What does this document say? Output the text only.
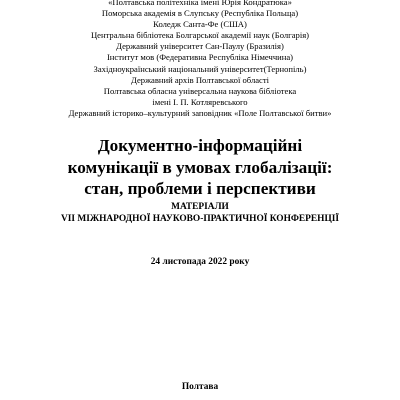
«Полтавська політехніка імені Юрія Кондратюка»
Поморська академія в Слупську (Республіка Польща)
Коледж Санта-Фе (США)
Центральна бібліотека Болгарської академії наук (Болгарія)
Державний університет Сан-Паулу (Бразилія)
Інститут мов (Федеративна Республіка Німеччина)
Західноукраїнський національний університет(Тернопіль)
Державний архів Полтавської області
Полтавська обласна універсальна наукова бібліотека
імені І. П. Котляревського
Державний історико–культурний заповідник «Поле Полтавської битви»
Документно-інформаційні
комунікації в умовах глобалізації:
стан, проблеми і перспективи
МАТЕРІАЛИ
VІІ МІЖНАРОДНОЇ НАУКОВО-ПРАКТИЧНОЇ КОНФЕРЕНЦІЇ
24 листопада 2022 року
Полтава
